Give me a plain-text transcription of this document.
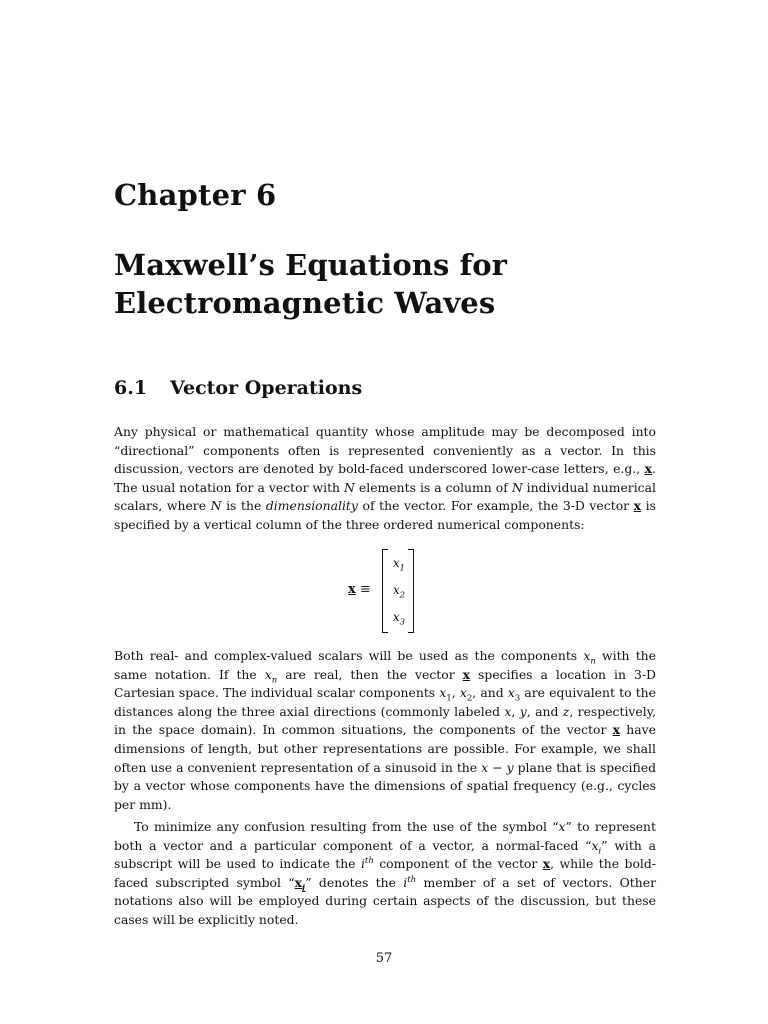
Chapter 6
Maxwell’s Equations for Electromagnetic Waves
6.1 Vector Operations

Any physical or mathematical quantity whose amplitude may be decomposed into “directional” components often is represented conveniently as a vector. In this discussion, vectors are denoted by bold-faced underscored lower-case letters, e.g., x. The usual notation for a vector with N elements is a column of N individual numerical scalars, where N is the dimensionality of the vector. For example, the 3-D vector x is specified by a vertical column of the three ordered numerical components:

x ≡
$x_1$
$x_2$
$x_3$

Both real- and complex-valued scalars will be used as the components $x_n$ with the same notation. If the $x_n$ are real, then the vector x specifies a location in 3-D Cartesian space. The individual scalar components $x_1$, $x_2$, and $x_3$ are equivalent to the distances along the three axial directions (commonly labeled x, y, and z, respectively, in the space domain). In common situations, the components of the vector x have dimensions of length, but other representations are possible. For example, we shall often use a convenient representation of a sinusoid in the x − y plane that is specified by a vector whose components have the dimensions of spatial frequency (e.g., cycles per mm).

To minimize any confusion resulting from the use of the symbol “x” to represent both a vector and a particular component of a vector, a normal-faced “$x_i$” with a subscript will be used to indicate the $i^{th}$ component of the vector x, while the bold-faced subscripted symbol “$x_i$” denotes the $i^{th}$ member of a set of vectors. Other notations also will be employed during certain aspects of the discussion, but these cases will be explicitly noted.

57
